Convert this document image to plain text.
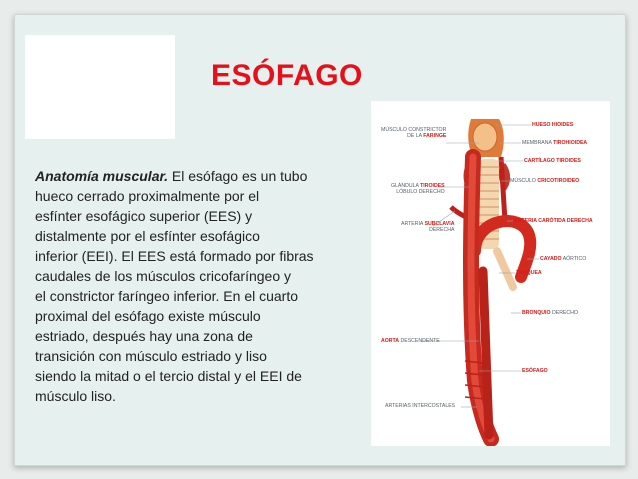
ESÓFAGO
Anatomía muscular. El esófago es un tubo
hueco cerrado proximalmente por el
esfínter esofágico superior (EES) y
distalmente por el esfínter esofágico
inferior (EEI). El EES está formado por fibras
caudales de los músculos cricofaríngeo y
el constrictor faríngeo inferior. En el cuarto
proximal del esófago existe músculo
estriado, después hay una zona de
transición con músculo estriado y liso
siendo la mitad o el tercio distal y el EEI de
músculo liso.
MÚSCULO CONSTRICTOR
DE LA FARINGE
GLÁNDULA TIROIDES
LÓBULO DERECHO
ARTERIA SUBCLAVIA
DERECHA
AORTA DESCENDENTE
ARTERIAS INTERCOSTALES
HUESO HIOIDES
MEMBRANA TIROHIOIDEA
CARTÍLAGO TIROIDES
MÚSCULO CRICOTIROIDEO
ARTERIA CARÓTIDA DERECHA
CAYADO AÓRTICO
TRÁQUEA
BRONQUIO DERECHO
ESÓFAGO
